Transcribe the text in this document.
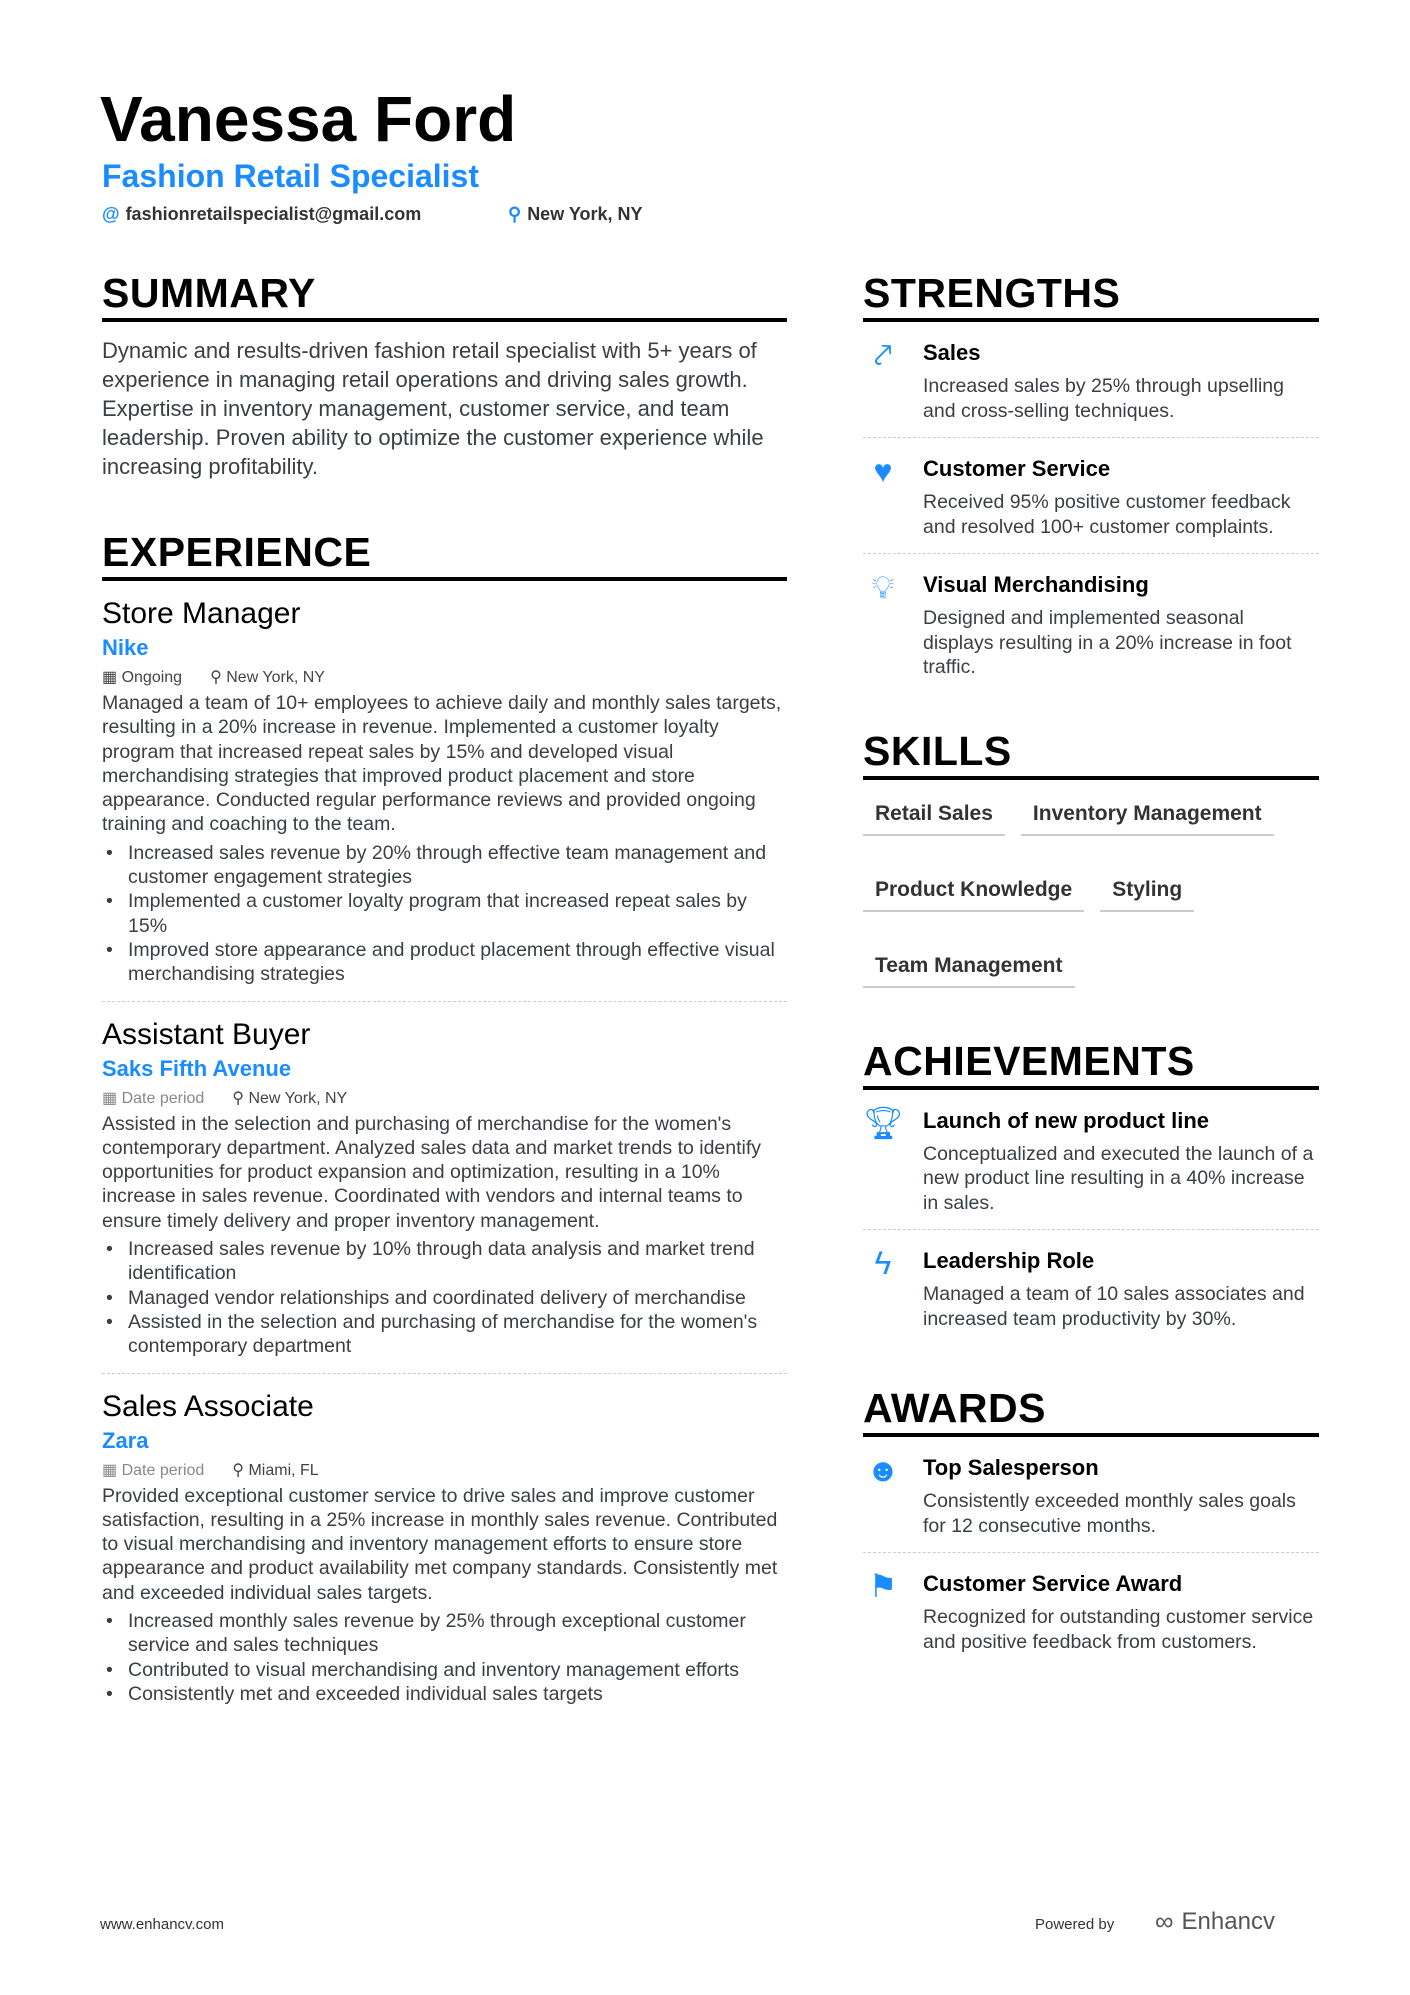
Vanessa Ford
Fashion Retail Specialist
@ fashionretailspecialist@gmail.com	⚲ New York, NY
SUMMARY

Dynamic and results-driven fashion retail specialist with 5+ years of experience in managing retail operations and driving sales growth. Expertise in inventory management, customer service, and team leadership. Proven ability to optimize the customer experience while increasing profitability.

EXPERIENCE
Store Manager
Nike
▦ Ongoing ⚲ New York, NY

Managed a team of 10+ employees to achieve daily and monthly sales targets, resulting in a 20% increase in revenue. Implemented a customer loyalty program that increased repeat sales by 15% and developed visual merchandising strategies that improved product placement and store appearance. Conducted regular performance reviews and provided ongoing training and coaching to the team.

• Increased sales revenue by 20% through effective team management and customer engagement strategies
• Implemented a customer loyalty program that increased repeat sales by 15%
• Improved store appearance and product placement through effective visual merchandising strategies
Assistant Buyer
Saks Fifth Avenue
▦ Date period ⚲ New York, NY

Assisted in the selection and purchasing of merchandise for the women's contemporary department. Analyzed sales data and market trends to identify opportunities for product expansion and optimization, resulting in a 10% increase in sales revenue. Coordinated with vendors and internal teams to ensure timely delivery and proper inventory management.

• Increased sales revenue by 10% through data analysis and market trend identification
• Managed vendor relationships and coordinated delivery of merchandise
• Assisted in the selection and purchasing of merchandise for the women's contemporary department
Sales Associate
Zara
▦ Date period ⚲ Miami, FL

Provided exceptional customer service to drive sales and improve customer satisfaction, resulting in a 25% increase in monthly sales revenue. Contributed to visual merchandising and inventory management efforts to ensure store appearance and product availability met company standards. Consistently met and exceeded individual sales targets.

• Increased monthly sales revenue by 25% through exceptional customer service and sales techniques
• Contributed to visual merchandising and inventory management efforts
• Consistently met and exceeded individual sales targets
STRENGTHS
⤤	Sales
Increased sales by 25% through upselling and cross-selling techniques.
♥	Customer Service
Received 95% positive customer feedback and resolved 100+ customer complaints.
💡︎	Visual Merchandising
Designed and implemented seasonal displays resulting in a 20% increase in foot traffic.
SKILLS
Retail Sales	Inventory Management
Product Knowledge	Styling
Team Management
ACHIEVEMENTS
🏆︎ Launch of new product line
Conceptualized and executed the launch of a new product line resulting in a 40% increase in sales.
ϟ	Leadership Role
Managed a team of 10 sales associates and increased team productivity by 30%.
AWARDS
☻ Top Salesperson
Consistently exceeded monthly sales goals for 12 consecutive months.
⚑ Customer Service Award
Recognized for outstanding customer service and positive feedback from customers.
www.enhancv.com	Powered by ∞ Enhancv
